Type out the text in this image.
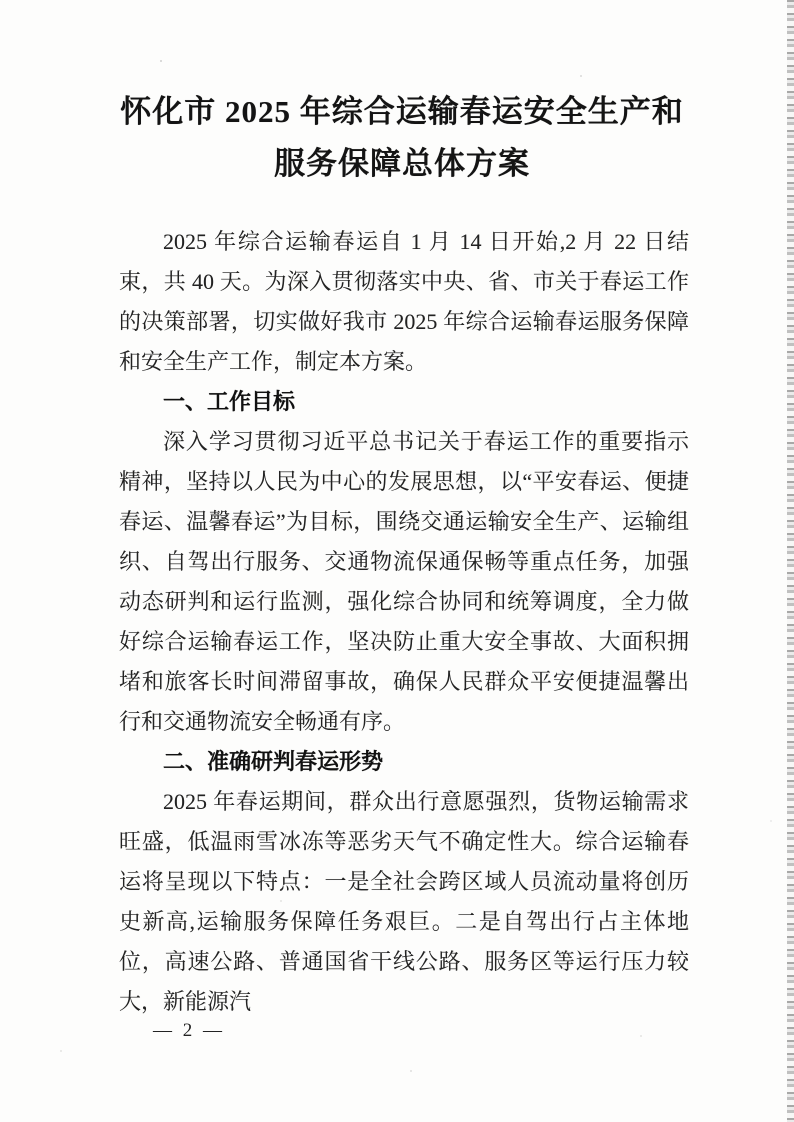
怀化市 2025 年综合运输春运安全生产和
服务保障总体方案

2025 年综合运输春运自 1 月 14 日开始,2 月 22 日结束，共 40 天。为深入贯彻落实中央、省、市关于春运工作的决策部署，切实做好我市 2025 年综合运输春运服务保障和安全生产工作，制定本方案。

一、工作目标

深入学习贯彻习近平总书记关于春运工作的重要指示精神，坚持以人民为中心的发展思想，以“平安春运、便捷春运、温馨春运”为目标，围绕交通运输安全生产、运输组织、自驾出行服务、交通物流保通保畅等重点任务，加强动态研判和运行监测，强化综合协同和统筹调度，全力做好综合运输春运工作，坚决防止重大安全事故、大面积拥堵和旅客长时间滞留事故，确保人民群众平安便捷温馨出行和交通物流安全畅通有序。

二、准确研判春运形势

2025 年春运期间，群众出行意愿强烈，货物运输需求旺盛，低温雨雪冰冻等恶劣天气不确定性大。综合运输春运将呈现以下特点：一是全社会跨区域人员流动量将创历史新高,运输服务保障任务艰巨。二是自驾出行占主体地位，高速公路、普通国省干线公路、服务区等运行压力较大，新能源汽

— 2 —
